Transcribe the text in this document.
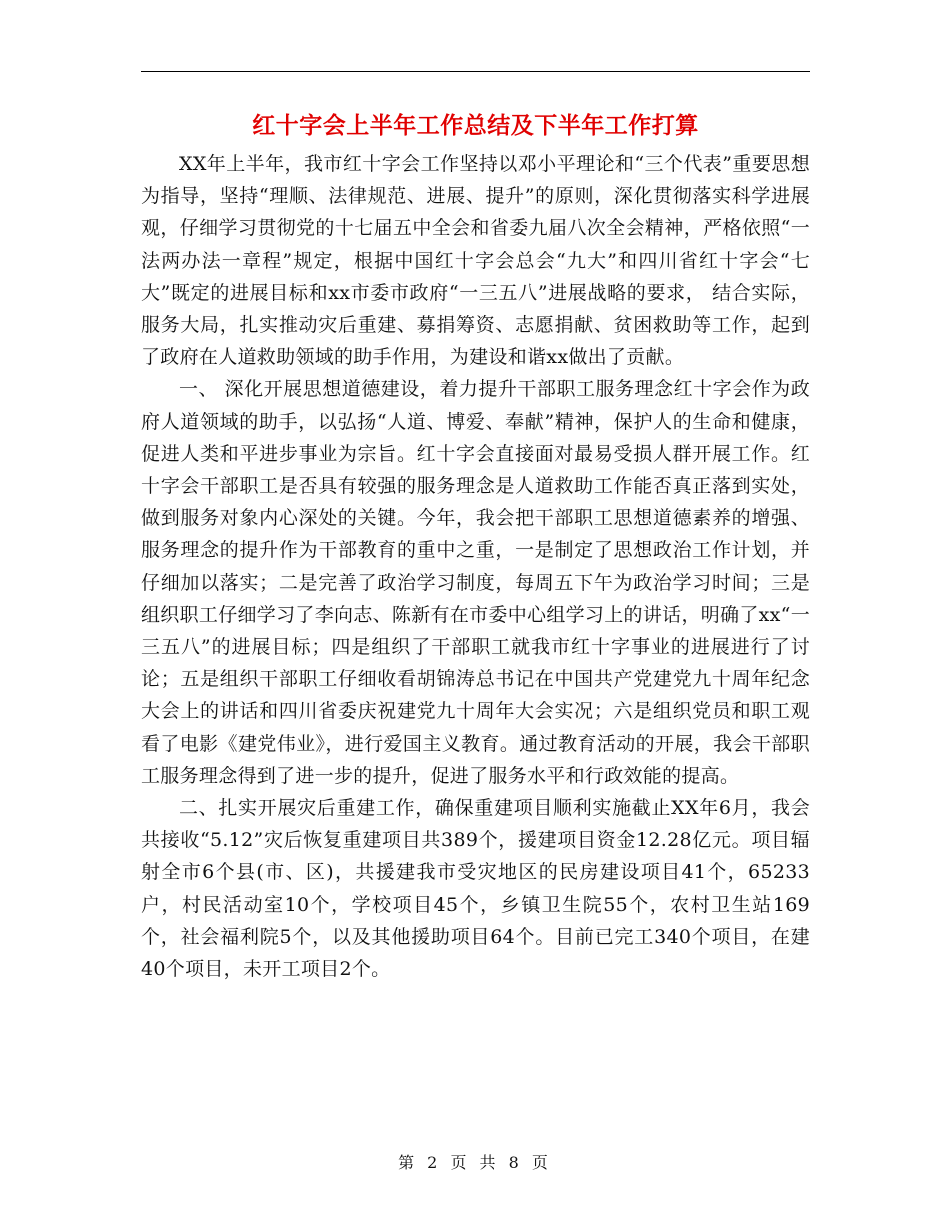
红十字会上半年工作总结及下半年工作打算

XX年上半年，我市红十字会工作坚持以邓小平理论和“三个代表”重要思想为指导，坚持“理顺、法律规范、进展、提升”的原则，深化贯彻落实科学进展观，仔细学习贯彻党的十七届五中全会和省委九届八次全会精神，严格依照“一法两办法一章程”规定，根据中国红十字会总会“九大”和四川省红十字会“七大”既定的进展目标和xx市委市政府“一三五八”进展战略的要求， 结合实际，服务大局，扎实推动灾后重建、募捐筹资、志愿捐献、贫困救助等工作，起到了政府在人道救助领域的助手作用，为建设和谐xx做出了贡献。

一、 深化开展思想道德建设，着力提升干部职工服务理念红十字会作为政府人道领域的助手，以弘扬“人道、博爱、奉献”精神，保护人的生命和健康，促进人类和平进步事业为宗旨。红十字会直接面对最易受损人群开展工作。红十字会干部职工是否具有较强的服务理念是人道救助工作能否真正落到实处，做到服务对象内心深处的关键。今年，我会把干部职工思想道德素养的增强、服务理念的提升作为干部教育的重中之重，一是制定了思想政治工作计划，并仔细加以落实；二是完善了政治学习制度，每周五下午为政治学习时间；三是组织职工仔细学习了李向志、陈新有在市委中心组学习上的讲话，明确了xx“一三五八”的进展目标；四是组织了干部职工就我市红十字事业的进展进行了讨论；五是组织干部职工仔细收看胡锦涛总书记在中国共产党建党九十周年纪念大会上的讲话和四川省委庆祝建党九十周年大会实况；六是组织党员和职工观看了电影《建党伟业》，进行爱国主义教育。通过教育活动的开展，我会干部职工服务理念得到了进一步的提升，促进了服务水平和行政效能的提高。

二、扎实开展灾后重建工作，确保重建项目顺利实施截止XX年6月，我会共接收“5.12”灾后恢复重建项目共389个，援建项目资金12.28亿元。项目辐射全市6个县(市、区)，共援建我市受灾地区的民房建设项目41个，65233户，村民活动室10个，学校项目45个，乡镇卫生院55个，农村卫生站169个，社会福利院5个，以及其他援助项目64个。目前已完工340个项目，在建40个项目，未开工项目2个。

第 2 页 共 8 页
